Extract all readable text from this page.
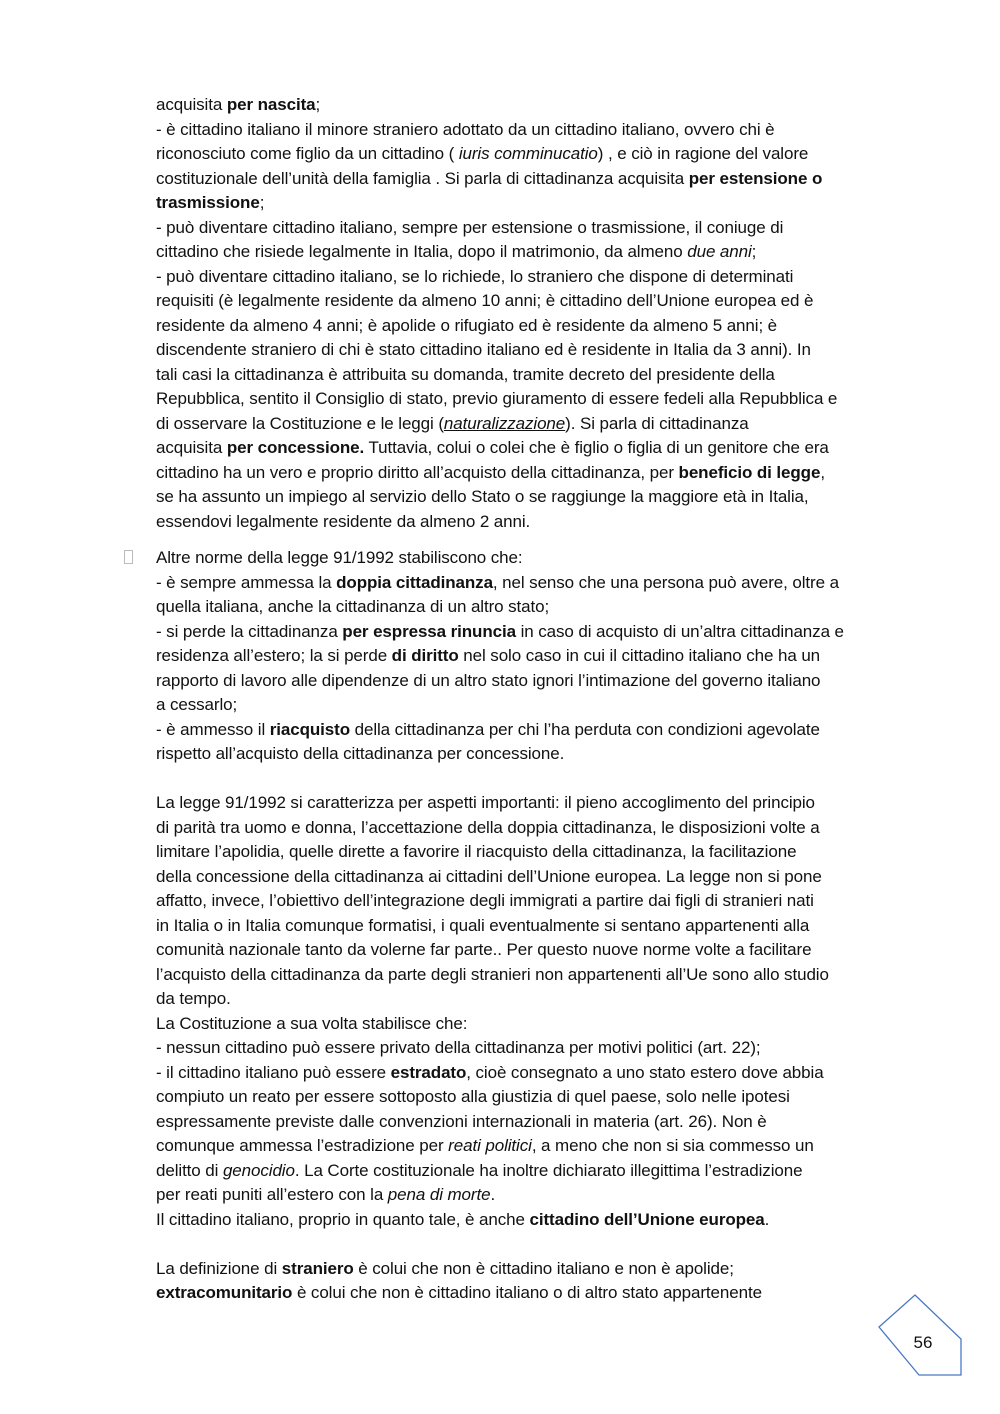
acquisita per nascita;
- è cittadino italiano il minore straniero adottato da un cittadino italiano, ovvero chi è
riconosciuto come figlio da un cittadino ( iuris comminucatio) , e ciò in ragione del valore
costituzionale dell’unità della famiglia . Si parla di cittadinanza acquisita per estensione o
trasmissione;
- può diventare cittadino italiano, sempre per estensione o trasmissione, il coniuge di
cittadino che risiede legalmente in Italia, dopo il matrimonio, da almeno due anni;
- può diventare cittadino italiano, se lo richiede, lo straniero che dispone di determinati
requisiti (è legalmente residente da almeno 10 anni; è cittadino dell’Unione europea ed è
residente da almeno 4 anni; è apolide o rifugiato ed è residente da almeno 5 anni; è
discendente straniero di chi è stato cittadino italiano ed è residente in Italia da 3 anni). In
tali casi la cittadinanza è attribuita su domanda, tramite decreto del presidente della
Repubblica, sentito il Consiglio di stato, previo giuramento di essere fedeli alla Repubblica e
di osservare la Costituzione e le leggi (naturalizzazione). Si parla di cittadinanza
acquisita per concessione. Tuttavia, colui o colei che è figlio o figlia di un genitore che era
cittadino ha un vero e proprio diritto all’acquisto della cittadinanza, per beneficio di legge,
se ha assunto un impiego al servizio dello Stato o se raggiunge la maggiore età in Italia,
essendovi legalmente residente da almeno 2 anni.
Altre norme della legge 91/1992 stabiliscono che:
- è sempre ammessa la doppia cittadinanza, nel senso che una persona può avere, oltre a
quella italiana, anche la cittadinanza di un altro stato;
- si perde la cittadinanza per espressa rinuncia in caso di acquisto di un’altra cittadinanza e
residenza all’estero; la si perde di diritto nel solo caso in cui il cittadino italiano che ha un
rapporto di lavoro alle dipendenze di un altro stato ignori l’intimazione del governo italiano
a cessarlo;
- è ammesso il riacquisto della cittadinanza per chi l’ha perduta con condizioni agevolate
rispetto all’acquisto della cittadinanza per concessione.
La legge 91/1992 si caratterizza per aspetti importanti: il pieno accoglimento del principio
di parità tra uomo e donna, l’accettazione della doppia cittadinanza, le disposizioni volte a
limitare l’apolidia, quelle dirette a favorire il riacquisto della cittadinanza, la facilitazione
della concessione della cittadinanza ai cittadini dell’Unione europea. La legge non si pone
affatto, invece, l’obiettivo dell’integrazione degli immigrati a partire dai figli di stranieri nati
in Italia o in Italia comunque formatisi, i quali eventualmente si sentano appartenenti alla
comunità nazionale tanto da volerne far parte.. Per questo nuove norme volte a facilitare
l’acquisto della cittadinanza da parte degli stranieri non appartenenti all’Ue sono allo studio
da tempo.
La Costituzione a sua volta stabilisce che:
- nessun cittadino può essere privato della cittadinanza per motivi politici (art. 22);
- il cittadino italiano può essere estradato, cioè consegnato a uno stato estero dove abbia
compiuto un reato per essere sottoposto alla giustizia di quel paese, solo nelle ipotesi
espressamente previste dalle convenzioni internazionali in materia (art. 26). Non è
comunque ammessa l’estradizione per reati politici, a meno che non si sia commesso un
delitto di genocidio. La Corte costituzionale ha inoltre dichiarato illegittima l’estradizione
per reati puniti all’estero con la pena di morte.
Il cittadino italiano, proprio in quanto tale, è anche cittadino dell’Unione europea.
La definizione di straniero è colui che non è cittadino italiano e non è apolide;
extracomunitario è colui che non è cittadino italiano o di altro stato appartenente
56
